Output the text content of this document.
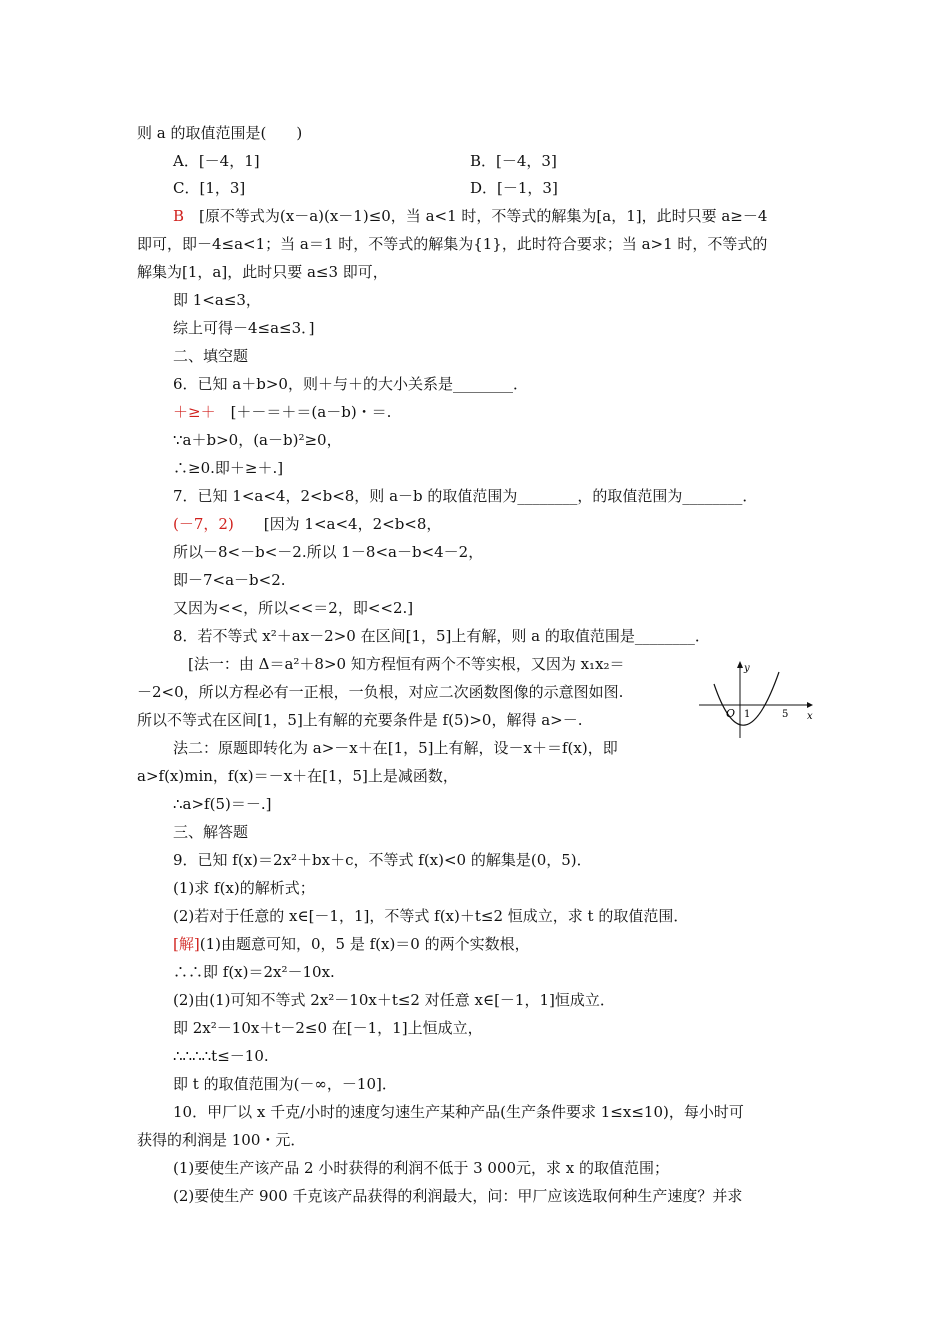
则 a 的取值范围是(　　)
A．[－4，1]	B．[－4，3]
C．[1，3]	D．[－1，3]
B　[原不等式为(x－a)(x－1)≤0，当 a<1 时，不等式的解集为[a，1]，此时只要 a≥－4
即可，即－4≤a<1；当 a＝1 时，不等式的解集为{1}，此时符合要求；当 a>1 时，不等式的
解集为[1，a]，此时只要 a≤3 即可，
即 1<a≤3，
综上可得－4≤a≤3．]
二、填空题
6．已知 a＋b>0，则＋与＋的大小关系是________．
＋≥＋　[＋－＝＋＝(a－b)・＝.
∵a＋b>0，(a－b)²≥0，
∴≥0.即＋≥＋.]
7．已知 1<a<4，2<b<8，则 a－b 的取值范围为________，的取值范围为________．
(－7，2)　　[因为 1<a<4，2<b<8，
所以－8<－b<－2.所以 1－8<a－b<4－2，
即－7<a－b<2.
又因为<<，所以<<＝2，即<<2.]
8．若不等式 x²＋ax－2>0 在区间[1，5]上有解，则 a 的取值范围是________．
　[法一：由 Δ＝a²＋8>0 知方程恒有两个不等实根，又因为 x₁x₂＝
－2<0，所以方程必有一正根，一负根，对应二次函数图像的示意图如图.
所以不等式在区间[1，5]上有解的充要条件是 f(5)>0，解得 a>－.
y
x
O 1	5
法二：原题即转化为 a>－x＋在[1，5]上有解，设－x＋＝f(x)，即
a>f(x)min，f(x)＝－x＋在[1，5]上是减函数，
∴a>f(5)＝－.]
三、解答题
9．已知 f(x)＝2x²＋bx＋c，不等式 f(x)<0 的解集是(0，5)．
(1)求 f(x)的解析式；
(2)若对于任意的 x∈[－1，1]，不等式 f(x)＋t≤2 恒成立，求 t 的取值范围．
[解](1)由题意可知，0，5 是 f(x)＝0 的两个实数根，
∴∴即 f(x)＝2x²－10x.
(2)由(1)可知不等式 2x²－10x＋t≤2 对任意 x∈[－1，1]恒成立．
即 2x²－10x＋t－2≤0 在[－1，1]上恒成立，
∴∴∴∴t≤－10.
即 t 的取值范围为(－∞，－10]．
10．甲厂以 x 千克/小时的速度匀速生产某种产品(生产条件要求 1≤x≤10)，每小时可
获得的利润是 100・元．
(1)要使生产该产品 2 小时获得的利润不低于 3 000元，求 x 的取值范围；
(2)要使生产 900 千克该产品获得的利润最大，问：甲厂应该选取何种生产速度？并求
